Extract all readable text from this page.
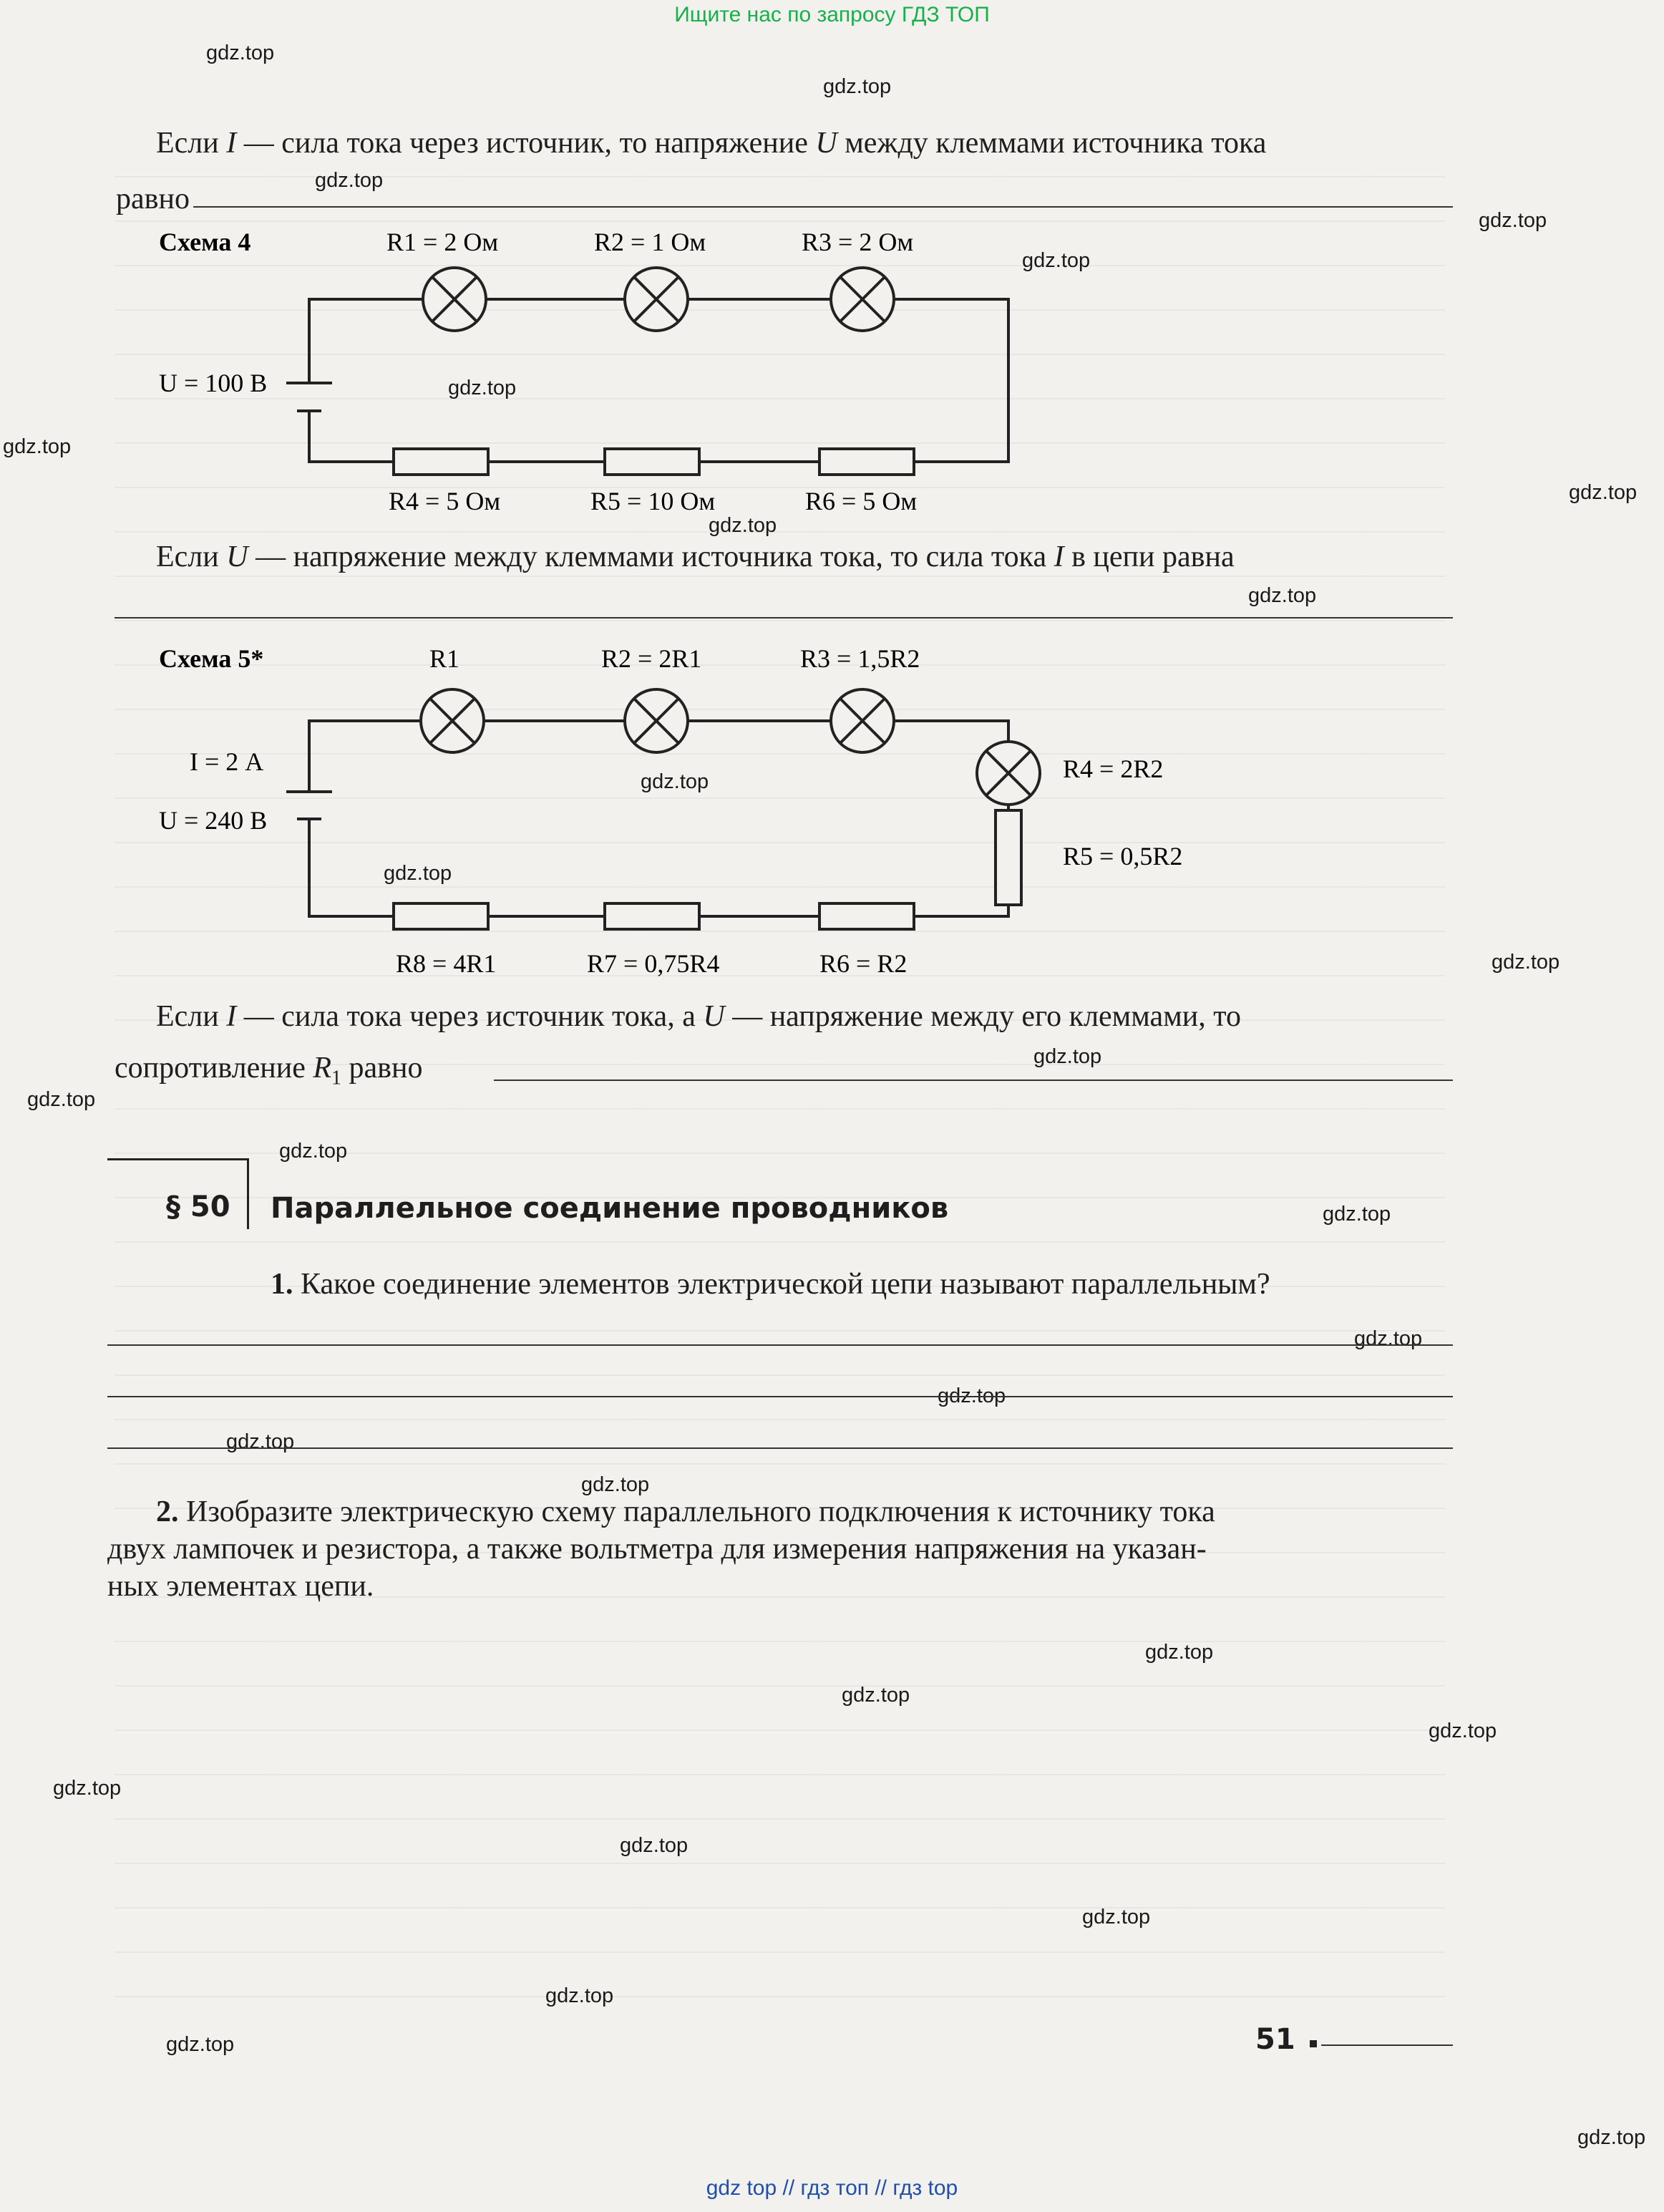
Ищите нас по запросу ГДЗ ТОП
gdz.top
gdz.top
gdz.top
gdz.top
gdz.top
gdz.top
gdz.top
gdz.top
gdz.top
gdz.top
gdz.top
gdz.top
gdz.top
gdz.top
gdz.top
gdz.top
gdz.top
gdz.top
gdz.top
gdz.top
gdz.top
gdz.top
gdz.top
gdz.top
gdz.top
gdz.top
gdz.top
gdz.top
gdz.top
gdz.top
Если I — сила тока через источник, то напряжение U между клеммами источника тока
равно
Схема 4
U = 100 В
R1 = 2 Ом	R2 = 1 Ом	R3 = 2 Ом
R4 = 5 Ом	R5 = 10 Ом	R6 = 5 Ом
Если U — напряжение между клеммами источника тока, то сила тока I в цепи равна
Схема 5*
I = 2 А
U = 240 В
R1	R2 = 2R1	R3 = 1,5R2
R4 = 2R2
R5 = 0,5R2
R8 = 4R1	R7 = 0,75R4	R6 = R2
Если I — сила тока через источник тока, а U — напряжение между его клеммами, то
сопротивление $R_1$ равно
§ 50 Параллельное соединение проводников
1. Какое соединение элементов электрической цепи называют параллельным?
2. Изобразите электрическую схему параллельного подключения к источнику тока
двух лампочек и резистора, а также вольтметра для измерения напряжения на указан-
ных элементах цепи.
51
gdz top // гдз топ // гдз top
